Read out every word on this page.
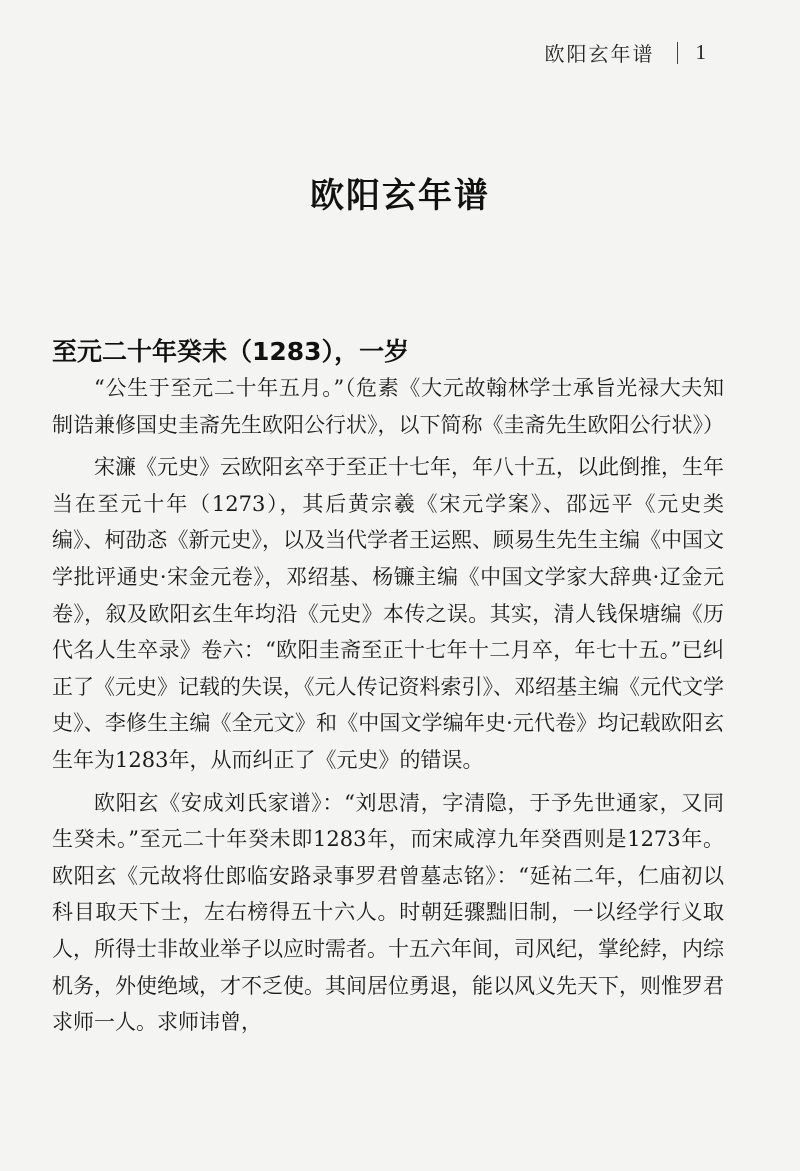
欧阳玄年谱 1
欧阳玄年谱
至元二十年癸未（1283），一岁

“公生于至元二十年五月。”（危素《大元故翰林学士承旨光禄大夫知制诰兼修国史圭斋先生欧阳公行状》，以下简称《圭斋先生欧阳公行状》）

宋濂《元史》云欧阳玄卒于至正十七年，年八十五，以此倒推，生年当在至元十年（1273），其后黄宗羲《宋元学案》、邵远平《元史类编》、柯劭忞《新元史》，以及当代学者王运熙、顾易生先生主编《中国文学批评通史·宋金元卷》，邓绍基、杨镰主编《中国文学家大辞典·辽金元卷》，叙及欧阳玄生年均沿《元史》本传之误。其实，清人钱保塘编《历代名人生卒录》卷六：“欧阳圭斋至正十七年十二月卒，年七十五。”已纠正了《元史》记载的失误，《元人传记资料索引》、邓绍基主编《元代文学史》、李修生主编《全元文》和《中国文学编年史·元代卷》均记载欧阳玄生年为1283年，从而纠正了《元史》的错误。

欧阳玄《安成刘氏家谱》：“刘思清，字清隐，于予先世通家，又同生癸未。”至元二十年癸未即1283年，而宋咸淳九年癸酉则是1273年。欧阳玄《元故将仕郎临安路录事罗君曾墓志铭》：“延祐二年，仁庙初以科目取天下士，左右榜得五十六人。时朝廷骤黜旧制，一以经学行义取人，所得士非故业举子以应时需者。十五六年间，司风纪，掌纶綍，内综机务，外使绝域，才不乏使。其间居位勇退，能以风义先天下，则惟罗君求师一人。求师讳曾，
